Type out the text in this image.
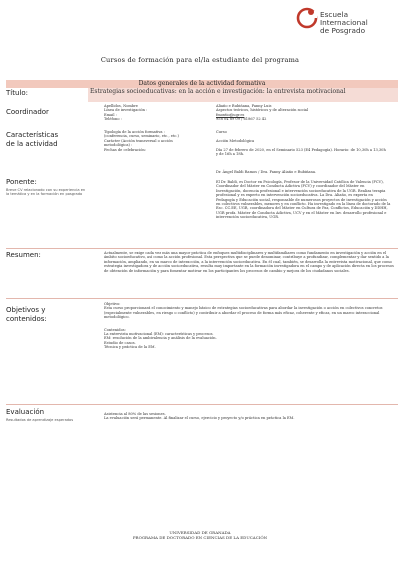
Escuela
Internacional
de Posgrado
Cursos de formación para el/la estudiante del programa
Datos generales de la actividad formativa
Título:	Estrategias socioeducativas: en la acción e investigación: la entrevista motivacional
Coordinador
Apellidos, Nombre
Línea de investigación :
Email :
Teléfono :
Aliaño e Rubiñana, Fanny Luis
Aspectos teóricos, históricos y de alteración social
fmoxtio@ugr.es
958 04 89 09 / 61867 52 42
Características
de la actividad
Tipología de la acción formativa :
(conferencia, curso, seminario, etc., etc.)
Carácter (Acción transversal o acción
metodológica) :
Fechas de celebración:
Curso
Acción Metodológica
Día 27 de febrero de 2020, en el Seminario 523 (E4 Pedagogía). Horario: de 10,30h a 13,30h y de 16h a 18h.
Ponente:
Breve CV relacionado con su experiencia en la temática y en la formación en posgrado
Dr. Ángel Baldi Ramos / Dra. Fanny Aliaño e Rubiñana.
El Dr. Baldi, es Doctor en Psicología, Profesor de la Universidad Católica de Valencia (FCV), Coordinador del Máster en Conducta Adictiva (FCV) y coordinador del Máster en Investigación, docencia profesional e intervención socioeducativa de la UGR. Realiza terapia profesional y es experto en intervención socioeducativa. La Dra. Aliaño, es experta en Pedagogía y Educación social, responsable de numerosos proyectos de investigación y acción en colectivos vulnerables, menores y en conflicto. Ha investigado en la línea de doctorado de la Esc. CC.EE, UGR, coordinadora del Máster en Cultura de Paz, Conflictos, Educación y DDHH, UGR profa. Máster de Conducta Adictiva, UCV y en el Máster en Inv. desarrollo profesional e intervención socioeducativa, UGR.
Resumen:	Actualmente, se exige cada vez más una mayor práctica de enfoques multidisciplinares y multifamiliares como fundamento en investigación y acción en el ámbito socioeducativo, así como la acción profesional. Esta perspectiva que se puede denominar, contribuye a profundizar, complementar y dar sentido a la información, ampliando, en su marco de interacción, a la intervención socioeducativa. En él cual, también, se desarrolla la entrevista motivacional, que como estrategia investigadora y de acción socioeducativa, resulta muy importante en la formación investigadora en el campo y de aplicación directa en los procesos de obtención de información y para fomentar motivar en los participantes los procesos de cambio y mejora de los ciudadanos sociales.
Objetivos y
contenidos:
Objetivo:
Esta curso proporcionará el conocimiento y manejo básico de estrategias socioeducativas para abordar la investigación o acción en colectivos concretos (especialmente vulnerables, en riesgo o conflicto) y contribuir a abordar el proceso de forma más eficaz, coherente y eficaz, en un marco interaccional metodológico.
Contenidos:
La entrevista motivacional (EM): características y procesos.
EM: resolución de la ambivalencia y análisis de la evaluación.
Estudio de casos.
Técnica y práctica de la EM.
Evaluación
Resultados de aprendizaje esperados
Asistencia al 80% de las sesiones.
La evaluación será permanente. Al finalizar el curso, ejercicio y proyecto y/o práctica en práctica la EM.
UNIVERSIDAD DE GRANADA
PROGRAMA DE DOCTORADO EN CIENCIAS DE LA EDUCACIÓN
